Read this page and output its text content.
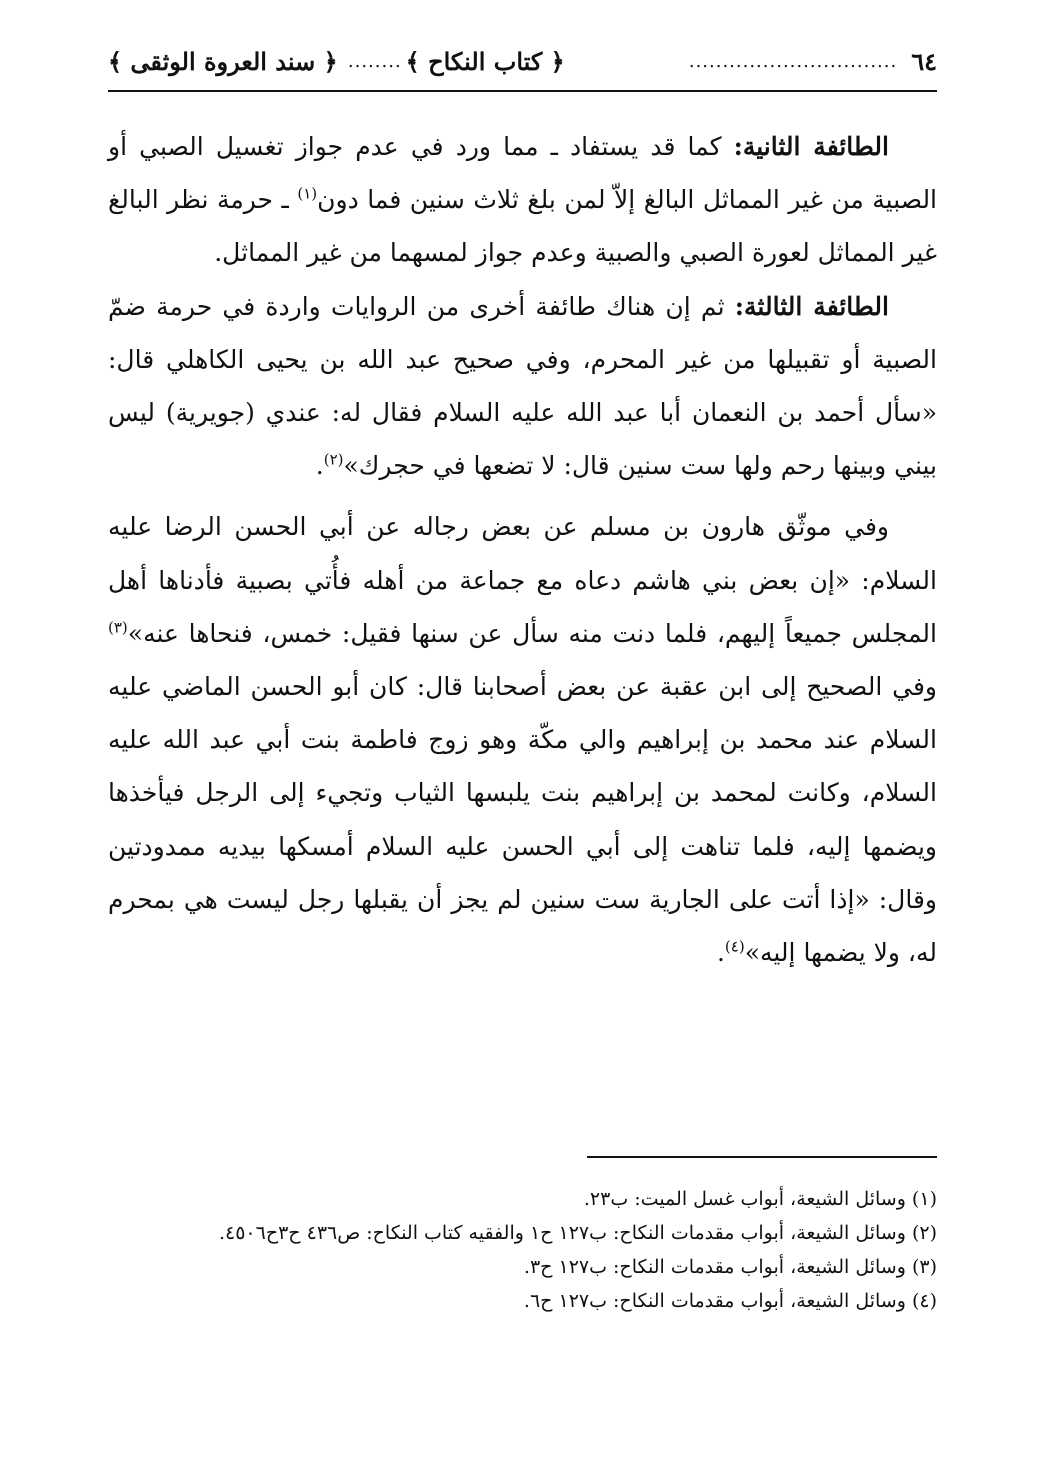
٦٤
...............................
﴿ كتاب النكاح ﴾
........
﴿ سند العروة الوثقى ﴾

الطائفة الثانية: كما قد يستفاد ـ مما ورد في عدم جواز تغسيل الصبي أو الصبية من غير المماثل البالغ إلاّ لمن بلغ ثلاث سنين فما دون$^{(١)}$ ـ حرمة نظر البالغ غير المماثل لعورة الصبي والصبية وعدم جواز لمسهما من غير المماثل.

الطائفة الثالثة: ثم إن هناك طائفة أخرى من الروايات واردة في حرمة ضمّ الصبية أو تقبيلها من غير المحرم، وفي صحيح عبد الله بن يحيى الكاهلي قال: «سأل أحمد بن النعمان أبا عبد الله عليه السلام فقال له: عندي (جويرية) ليس بيني وبينها رحم ولها ست سنين قال: لا تضعها في حجرك»$^{(٢)}$.

وفي موثّق هارون بن مسلم عن بعض رجاله عن أبي الحسن الرضا عليه السلام: «إن بعض بني هاشم دعاه مع جماعة من أهله فأُتي بصبية فأدناها أهل المجلس جميعاً إليهم، فلما دنت منه سأل عن سنها فقيل: خمس، فنحاها عنه»$^{(٣)}$ وفي الصحيح إلى ابن عقبة عن بعض أصحابنا قال: كان أبو الحسن الماضي عليه السلام عند محمد بن إبراهيم والي مكّة وهو زوج فاطمة بنت أبي عبد الله عليه السلام، وكانت لمحمد بن إبراهيم بنت يلبسها الثياب وتجيء إلى الرجل فيأخذها ويضمها إليه، فلما تناهت إلى أبي الحسن عليه السلام أمسكها بيديه ممدودتين وقال: «إذا أتت على الجارية ست سنين لم يجز أن يقبلها رجل ليست هي بمحرم له، ولا يضمها إليه»$^{(٤)}$.

(١) وسائل الشيعة، أبواب غسل الميت: ب٢٣.
(٢) وسائل الشيعة، أبواب مقدمات النكاح: ب١٢٧ ح١ والفقيه كتاب النكاح: ص٤٣٦ ح٣ح٤٥٠٦.
(٣) وسائل الشيعة، أبواب مقدمات النكاح: ب١٢٧ ح٣.
(٤) وسائل الشيعة، أبواب مقدمات النكاح: ب١٢٧ ح٦.
